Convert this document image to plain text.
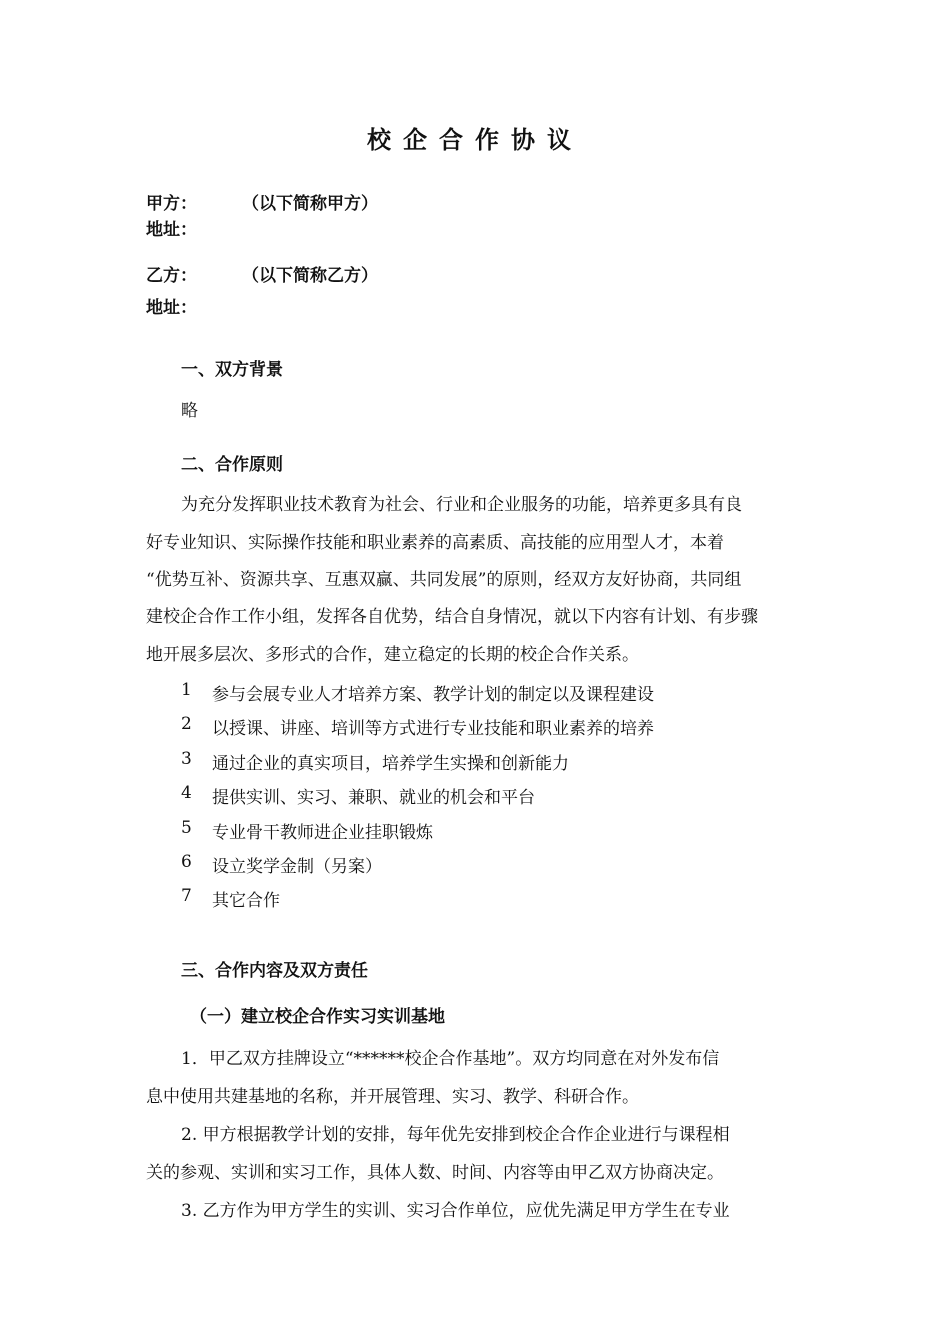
校企合作协议
甲方：	（以下简称甲方）
地址：
乙方：	（以下简称乙方）
地址：
一、双方背景
略
二、合作原则
为充分发挥职业技术教育为社会、行业和企业服务的功能，培养更多具有良
好专业知识、实际操作技能和职业素养的高素质、高技能的应用型人才，本着
“优势互补、资源共享、互惠双赢、共同发展”的原则，经双方友好协商，共同组
建校企合作工作小组，发挥各自优势，结合自身情况，就以下内容有计划、有步骤
地开展多层次、多形式的合作，建立稳定的长期的校企合作关系。
1 参与会展专业人才培养方案、教学计划的制定以及课程建设
2 以授课、讲座、培训等方式进行专业技能和职业素养的培养
3 通过企业的真实项目，培养学生实操和创新能力
4 提供实训、实习、兼职、就业的机会和平台
5 专业骨干教师进企业挂职锻炼
6 设立奖学金制（另案）
7 其它合作
三、合作内容及双方责任
（一）建立校企合作实习实训基地
1．甲乙双方挂牌设立“******校企合作基地”。双方均同意在对外发布信
息中使用共建基地的名称，并开展管理、实习、教学、科研合作。
2. 甲方根据教学计划的安排，每年优先安排到校企合作企业进行与课程相
关的参观、实训和实习工作，具体人数、时间、内容等由甲乙双方协商决定。
3. 乙方作为甲方学生的实训、实习合作单位，应优先满足甲方学生在专业
